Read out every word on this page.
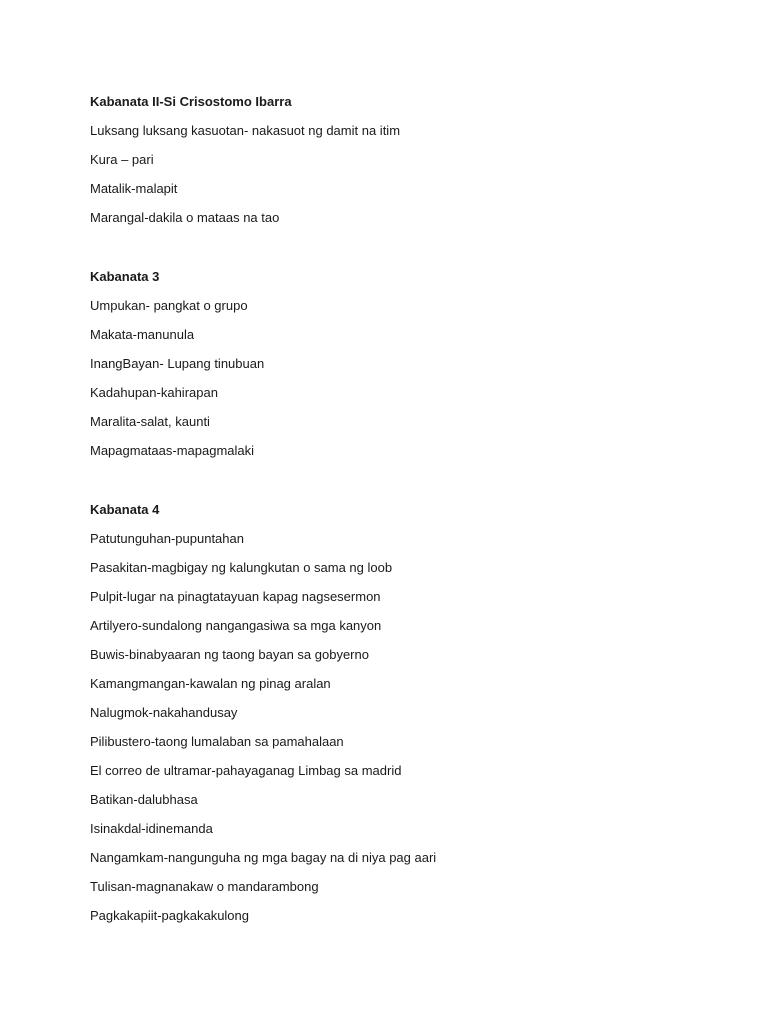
Kabanata II-Si Crisostomo Ibarra
Luksang luksang kasuotan- nakasuot ng damit na itim
Kura – pari
Matalik-malapit
Marangal-dakila o mataas na tao
Kabanata 3
Umpukan- pangkat o grupo
Makata-manunula
InangBayan- Lupang tinubuan
Kadahupan-kahirapan
Maralita-salat, kaunti
Mapagmataas-mapagmalaki
Kabanata 4
Patutunguhan-pupuntahan
Pasakitan-magbigay ng kalungkutan o sama ng loob
Pulpit-lugar na pinagtatayuan kapag nagsesermon
Artilyero-sundalong nangangasiwa sa mga kanyon
Buwis-binabyaaran ng taong bayan sa gobyerno
Kamangmangan-kawalan ng pinag aralan
Nalugmok-nakahandusay
Pilibustero-taong lumalaban sa pamahalaan
El correo de ultramar-pahayaganag Limbag sa madrid
Batikan-dalubhasa
Isinakdal-idinemanda
Nangamkam-nangunguha ng mga bagay na di niya pag aari
Tulisan-magnanakaw o mandarambong
Pagkakapiit-pagkakakulong
